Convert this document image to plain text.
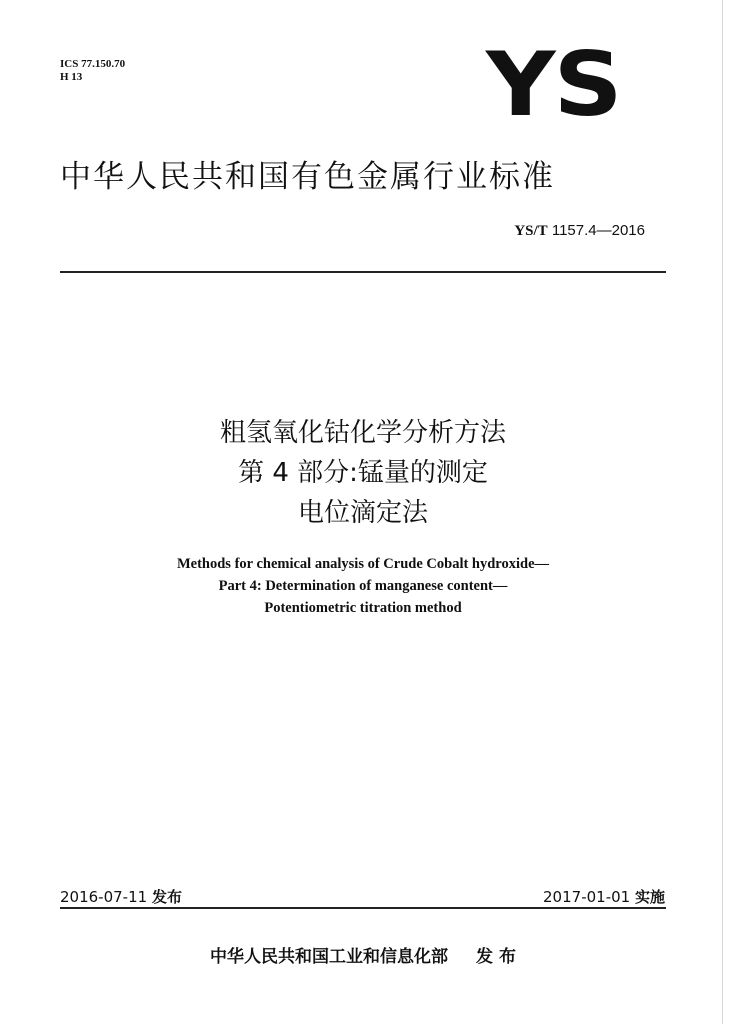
ICS 77.150.70
H 13	YS
中华人民共和国有色金属行业标准
YS/T 1157.4—2016
粗氢氧化钴化学分析方法
第 4 部分:锰量的测定
电位滴定法
Methods for chemical analysis of Crude Cobalt hydroxide—
Part 4: Determination of manganese content—
Potentiometric titration method
2016-07-11 发布	2017-01-01 实施
中华人民共和国工业和信息化部 发 布
